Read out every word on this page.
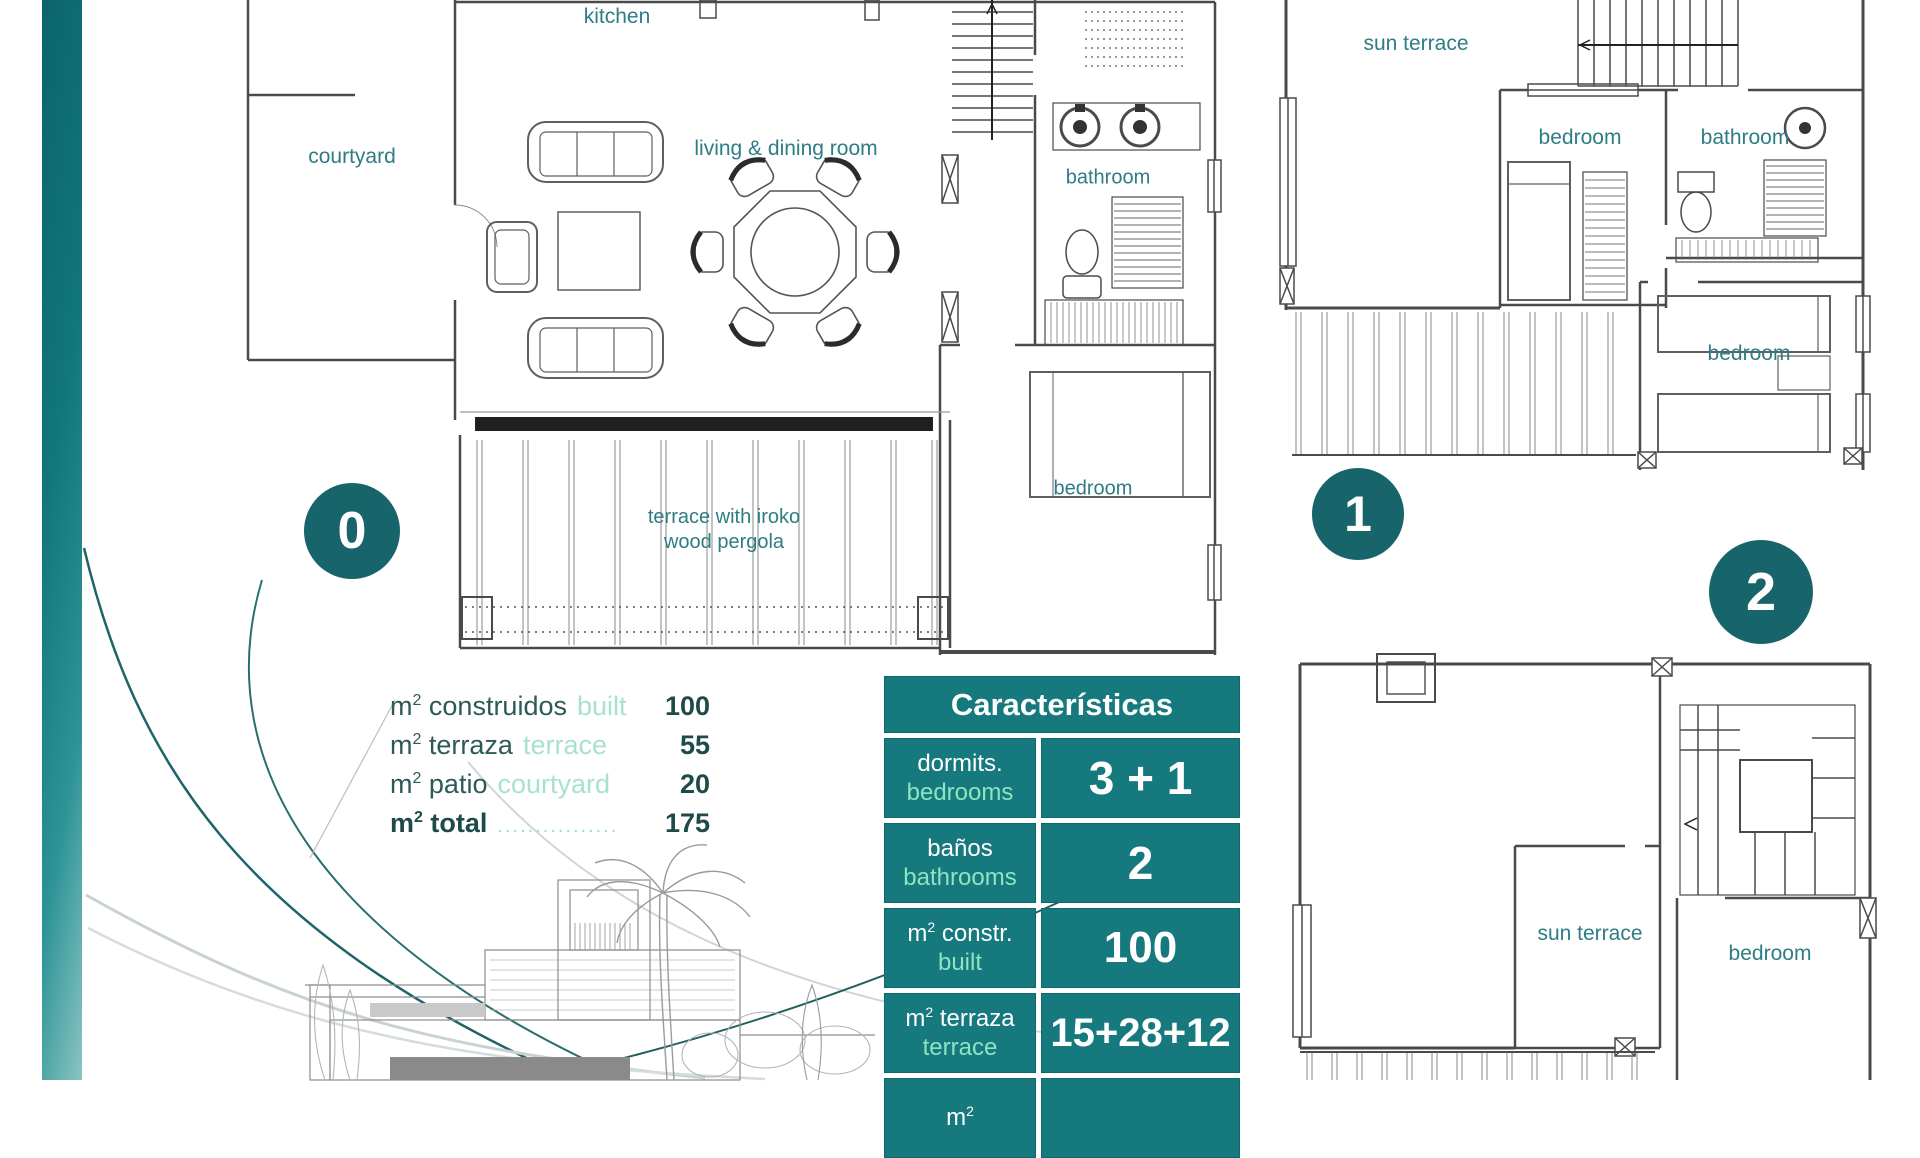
kitchen
courtyard	living & dining room
bathroom
bedroom
terrace with iroko
wood pergola
sun terrace
bedroom	bathroom
bedroom
sun terrace
bedroom
0	1
2
$m^2$ construidos built 100
$m^2$ terraza terrace	55
$m^2$ patio courtyard	20
$m^2$ total ................ 175
Características
dormits.
bedrooms	3 + 1
baños
bathrooms	2
$m^2$ constr.
built	100
$m^2$ terraza
terrace 15+28+12
$m^2$
